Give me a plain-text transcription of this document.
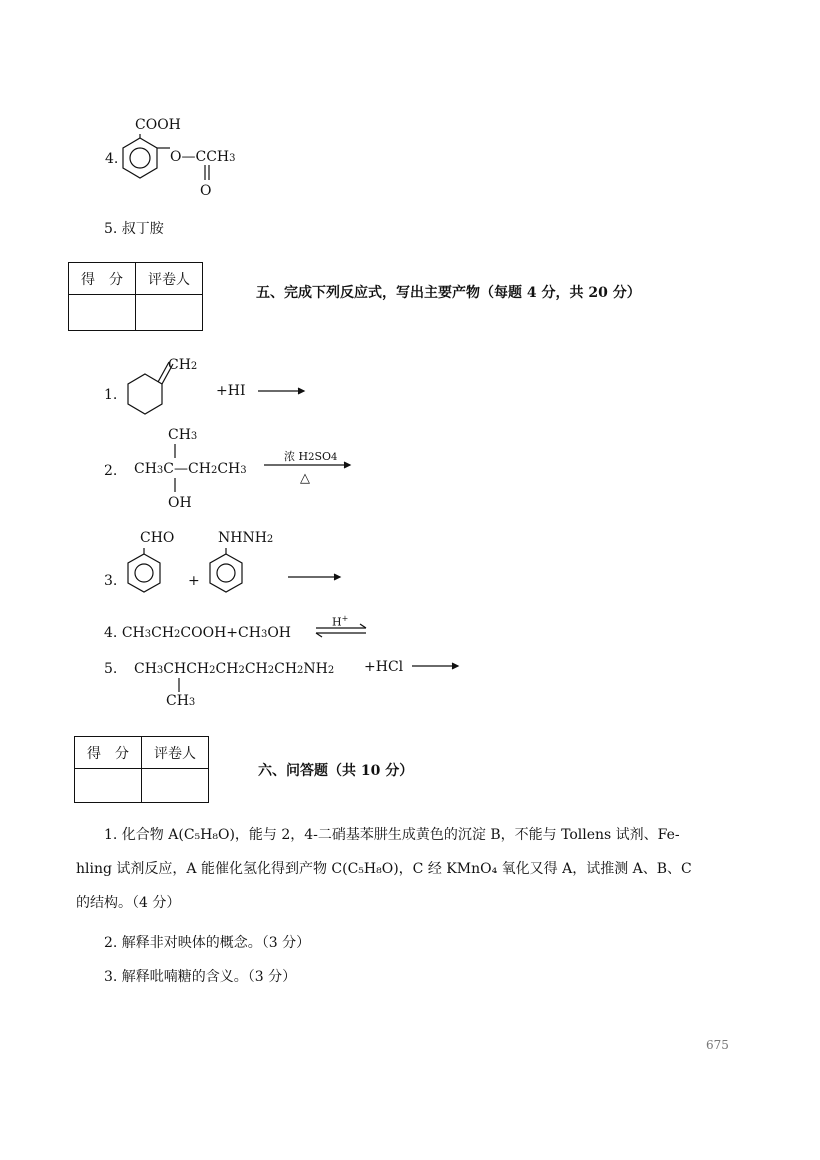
4.
COOH
O—CCH3
O
5. 叔丁胺
得　分	评卷人

五、完成下列反应式，写出主要产物（每题 4 分，共 20 分）
1.
CH2
+HI
2.
CH3
CH3C—CH2CH3
OH
浓 H2SO4
△
CHO	NHNH2
3.	+
4. CH3CH2COOH+CH3OH
H+
5. CH3CHCH2CH2CH2CH2NH2 +HCl
CH3
得　分	评卷人

六、问答题（共 10 分）
1. 化合物 A(C₅H₈O)，能与 2，4-二硝基苯肼生成黄色的沉淀 B，不能与 Tollens 试剂、Fe-
hling 试剂反应，A 能催化氢化得到产物 C(C₅H₈O)，C 经 KMnO₄ 氧化又得 A，试推测 A、B、C
的结构。（4 分）
2. 解释非对映体的概念。（3 分）
3. 解释吡喃糖的含义。（3 分）
675
